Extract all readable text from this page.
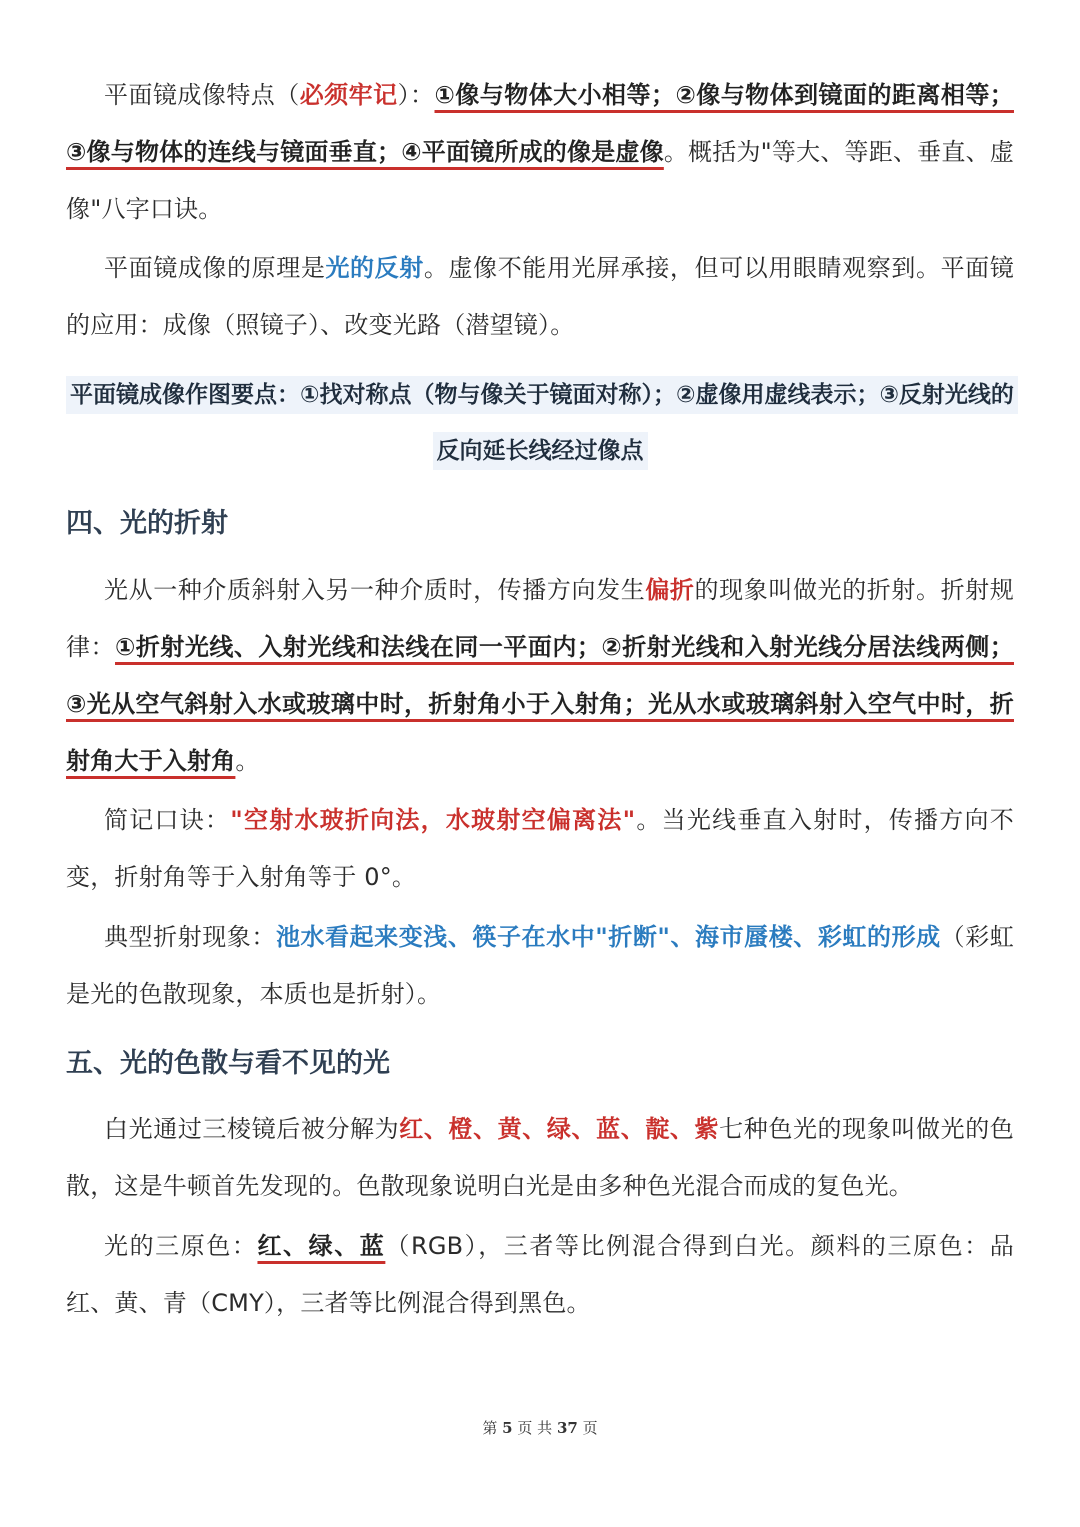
平面镜成像特点（必须牢记）：①像与物体大小相等；②像与物体到镜面的距离相等；③像与物体的连线与镜面垂直；④平面镜所成的像是虚像。概括为"等大、等距、垂直、虚像"八字口诀。

平面镜成像的原理是光的反射。虚像不能用光屏承接，但可以用眼睛观察到。平面镜的应用：成像（照镜子）、改变光路（潜望镜）。

平面镜成像作图要点：①找对称点（物与像关于镜面对称）；②虚像用虚线表示；③反射光线的反向延长线经过像点

四、光的折射

光从一种介质斜射入另一种介质时，传播方向发生偏折的现象叫做光的折射。折射规律：①折射光线、入射光线和法线在同一平面内；②折射光线和入射光线分居法线两侧；③光从空气斜射入水或玻璃中时，折射角小于入射角；光从水或玻璃斜射入空气中时，折射角大于入射角。

简记口诀："空射水玻折向法，水玻射空偏离法"。当光线垂直入射时，传播方向不变，折射角等于入射角等于 0°。

典型折射现象：池水看起来变浅、筷子在水中"折断"、海市蜃楼、彩虹的形成（彩虹是光的色散现象，本质也是折射）。

五、光的色散与看不见的光

白光通过三棱镜后被分解为红、橙、黄、绿、蓝、靛、紫七种色光的现象叫做光的色散，这是牛顿首先发现的。色散现象说明白光是由多种色光混合而成的复色光。

光的三原色：红、绿、蓝（RGB），三者等比例混合得到白光。颜料的三原色：品红、黄、青（CMY），三者等比例混合得到黑色。

第 5 页 共 37 页
